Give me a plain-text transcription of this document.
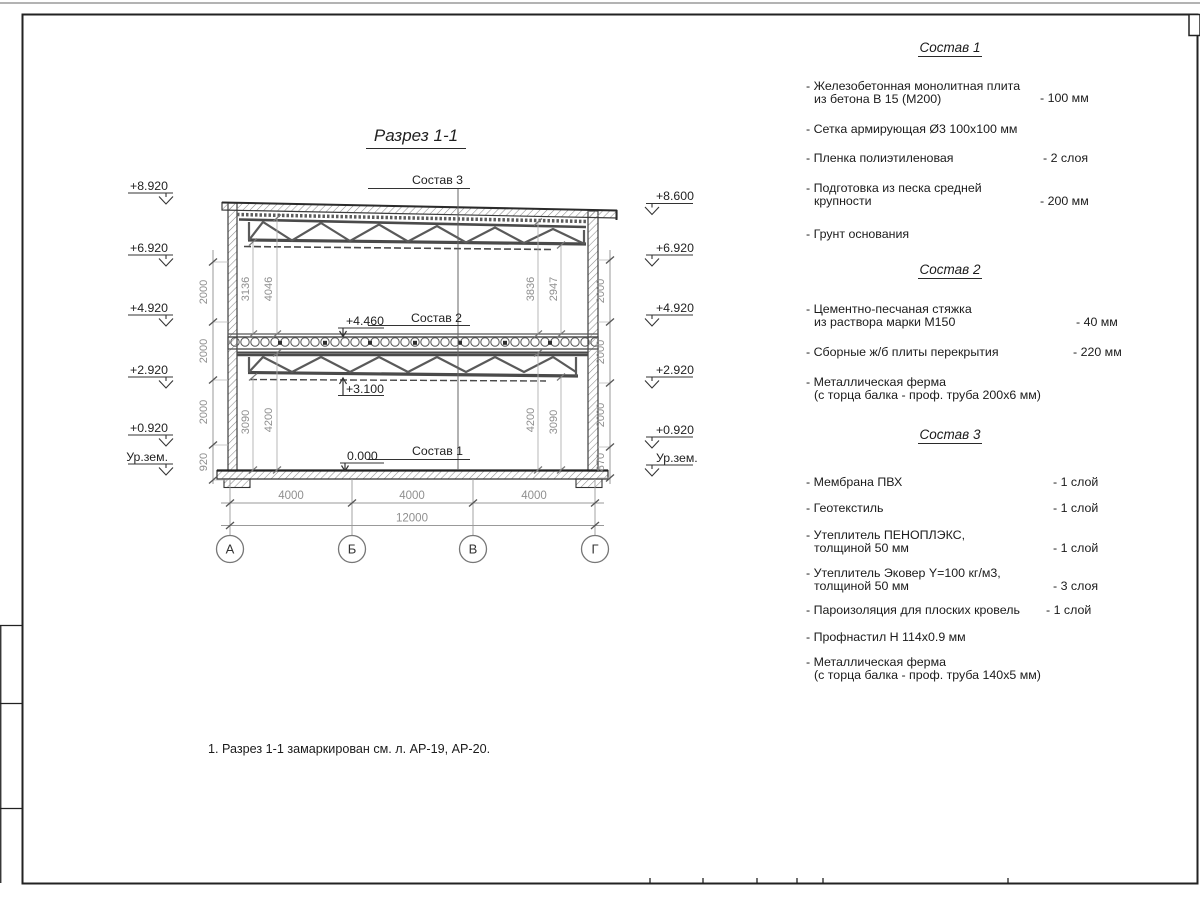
Состав 3
Состав 2
Состав 1
+4.460
+3.100
0.000
+8.920
+6.920
+4.920
+2.920
+0.920
Ур.зем.
+8.600
+6.920
+4.920
+2.920
+0.920
Ур.зем.
2000
2000
2000
920
2000
2000
2000
870
3136 4046	3836 2947
3090 4200	4200 3090
4000	4000	4000
12000
А	Б	В	Г
Разрез 1-1
Состав 1
- Железобетонная монолитная плита
из бетона В 15 (М200)	- 100 мм
- Сетка армирующая Ø3 100х100 мм
- Пленка полиэтиленовая	- 2 слоя
- Подготовка из песка средней
крупности	- 200 мм
- Грунт основания
Состав 2
- Цементно-песчаная стяжка
из раствора марки М150	- 40 мм
- Сборные ж/б плиты перекрытия	- 220 мм
- Металлическая ферма
(с торца балка - проф. труба 200х6 мм)
Состав 3
- Мембрана ПВХ	- 1 слой
- Геотекстиль	- 1 слой
- Утеплитель ПЕНОПЛЭКС,
толщиной 50 мм	- 1 слой
- Утеплитель Эковер Y=100 кг/м3,
толщиной 50 мм	- 3 слоя
- Пароизоляция для плоских кровель - 1 слой
- Профнастил Н 114х0.9 мм
- Металлическая ферма
(с торца балка - проф. труба 140х5 мм)
1. Разрез 1-1 замаркирован см. л. АР-19, АР-20.
